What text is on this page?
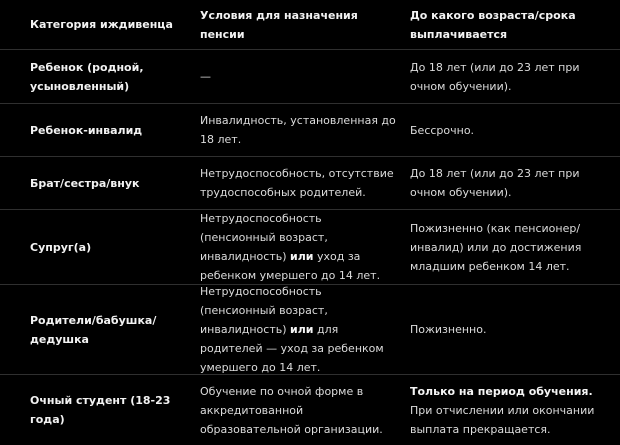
Категория иждивенца
Условия для назначения пенсии
До какого возраста/срока выплачивается
Ребенок (родной, усыновленный)
—
До 18 лет (или до 23 лет при очном обучении).
Ребенок-инвалид
Инвалидность, установленная до 18 лет.
Бессрочно.
Брат/сестра/внук
Нетрудоспособность, отсутствие трудоспособных родителей.
До 18 лет (или до 23 лет при очном обучении).
Супруг(а)
Нетрудоспособность (пенсионный возраст, инвалидность) или уход за ребенком умершего до 14 лет.
Пожизненно (как пенсионер/инвалид) или до достижения младшим ребенком 14 лет.
Родители/бабушка/дедушка
Нетрудоспособность (пенсионный возраст, инвалидность) или для родителей — уход за ребенком умершего до 14 лет.
Пожизненно.
Очный студент (18-23 года)
Обучение по очной форме в аккредитованной образовательной организации.
Только на период обучения. При отчислении или окончании выплата прекращается.
